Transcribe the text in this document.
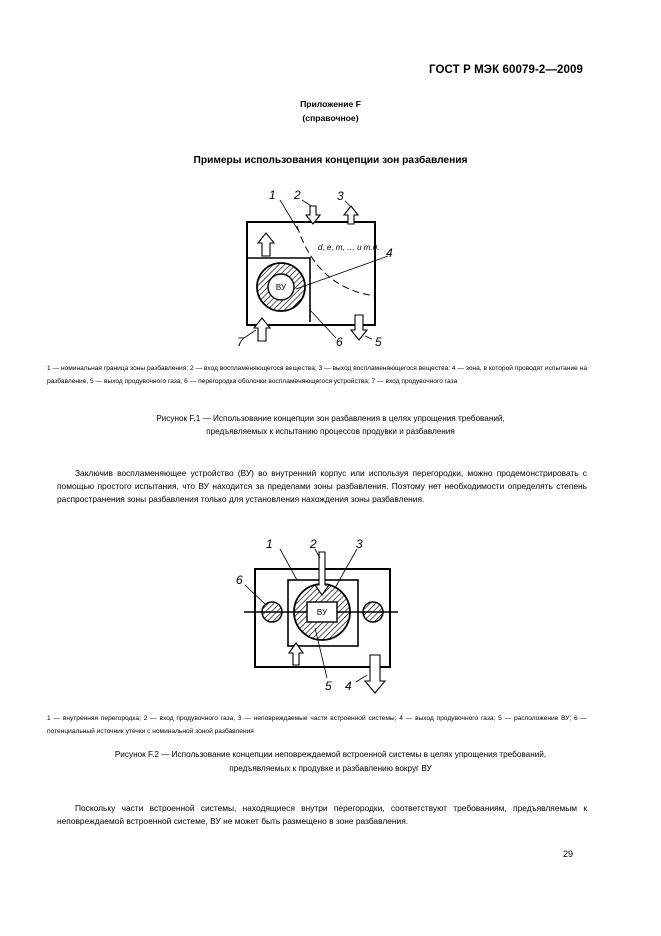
ГОСТ Р МЭК 60079-2—2009
Приложение F
(справочное)
Примеры использования концепции зон разбавления
ВУ
d, e, m, … и т.д.
1 2	3
4
5
6
7
1 — номинальная граница зоны разбавления; 2 — вход воспламеняющегося вещества; 3 — выход воспламеняющегося вещества: 4 — зона, в которой проводят испытание на разбавление, 5 — выход продувочного газа, 6 — перегородка оболочки воспламеняющегося устройства; 7 — вход продувочного газа
Рисунок F.1 — Использование концепции зон разбавления в целях упрощения требований,
предъявляемых к испытанию процессов продувки и разбавления
Заключив воспламеняющее устройство (ВУ) во внутренний корпус или используя перегородки, можно продемонстрировать с помощью простого испытания, что ВУ находится за пределами зоны разбавления. Поэтому нет необходимости определять степень распространения зоны разбавления только для установления нахождения зоны разбавления.
ВУ
1	2	3
4
5
6
1 — внутренняя перегородка; 2 — вход продувочного газа, 3 — неповреждаемые части встроенной системы; 4 — выход продувочного газа; 5 — расположение ВУ; 6 — потенциальный источник утечки с номинальной зоной разбавления
Рисунок F.2 — Использование концепции неповреждаемой встроенной системы в целях упрощения требований,
предъявляемых к продувке и разбавлению вокруг ВУ
Поскольку части встроенной системы, находящиеся внутри перегородки, соответствуют требованиям, предъявляемым к неповреждаемой встроенной системе, ВУ не может быть размещено в зоне разбавления.
29
